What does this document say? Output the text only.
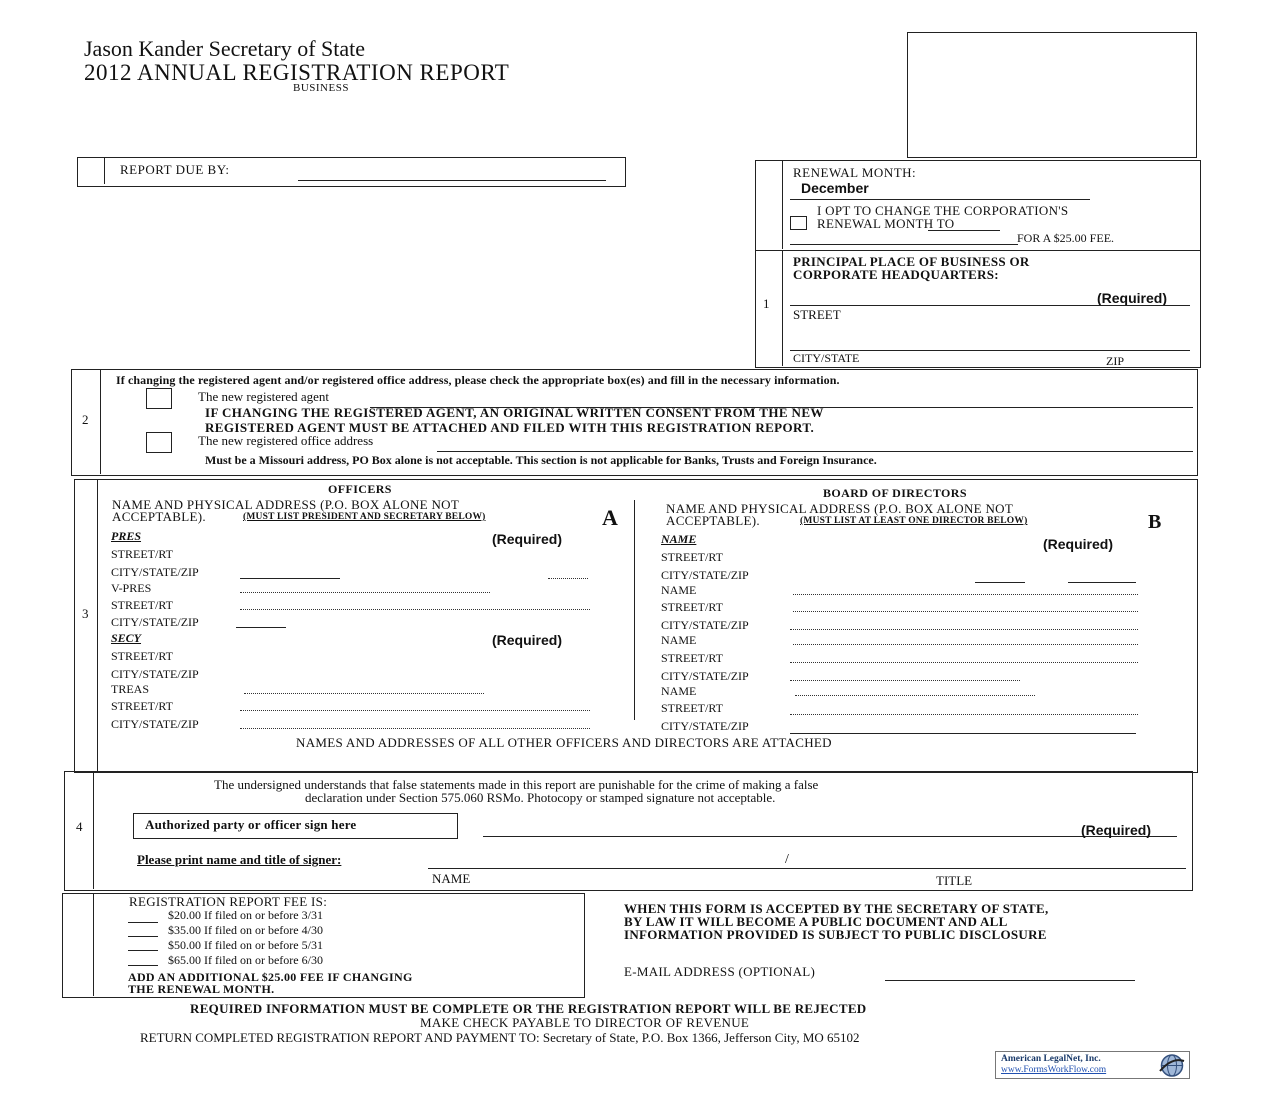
Jason Kander Secretary of State
2012 ANNUAL REGISTRATION REPORT
BUSINESS
REPORT DUE BY:	RENEWAL MONTH:
December
I OPT TO CHANGE THE CORPORATION'S
RENEWAL MONTH TO
FOR A $25.00 FEE.
1
PRINCIPAL PLACE OF BUSINESS OR
CORPORATE HEADQUARTERS:
(Required)
STREET
CITY/STATE	ZIP
2
If changing the registered agent and/or registered office address, please check the appropriate box(es) and fill in the necessary information.
The new registered agent
IF CHANGING THE REGISTERED AGENT, AN ORIGINAL WRITTEN CONSENT FROM THE NEW
REGISTERED AGENT MUST BE ATTACHED AND FILED WITH THIS REGISTRATION REPORT.
The new registered office address
Must be a Missouri address, PO Box alone is not acceptable. This section is not applicable for Banks, Trusts and Foreign Insurance.
3
OFFICERS
NAME AND PHYSICAL ADDRESS (P.O. BOX ALONE NOT
ACCEPTABLE).	(MUST LIST PRESIDENT AND SECRETARY BELOW)	A
(Required)
PRES
STREET/RT
CITY/STATE/ZIP
V-PRES
STREET/RT
CITY/STATE/ZIP
SECY	(Required)
STREET/RT
CITY/STATE/ZIP
TREAS
STREET/RT
CITY/STATE/ZIP
BOARD OF DIRECTORS
NAME AND PHYSICAL ADDRESS (P.O. BOX ALONE NOT
ACCEPTABLE).	(MUST LIST AT LEAST ONE DIRECTOR BELOW)	B
(Required)
NAME
STREET/RT
CITY/STATE/ZIP
NAME
STREET/RT
CITY/STATE/ZIP
NAME
STREET/RT
CITY/STATE/ZIP
NAME
STREET/RT
CITY/STATE/ZIP
NAMES AND ADDRESSES OF ALL OTHER OFFICERS AND DIRECTORS ARE ATTACHED
4
The undersigned understands that false statements made in this report are punishable for the crime of making a false
declaration under Section 575.060 RSMo. Photocopy or stamped signature not acceptable.
Authorized party or officer sign here	(Required)
Please print name and title of signer:	/
NAME	TITLE
REGISTRATION REPORT FEE IS:
$20.00 If filed on or before 3/31
$35.00 If filed on or before 4/30
$50.00 If filed on or before 5/31
$65.00 If filed on or before 6/30
ADD AN ADDITIONAL $25.00 FEE IF CHANGING
THE RENEWAL MONTH.
WHEN THIS FORM IS ACCEPTED BY THE SECRETARY OF STATE,
BY LAW IT WILL BECOME A PUBLIC DOCUMENT AND ALL
INFORMATION PROVIDED IS SUBJECT TO PUBLIC DISCLOSURE
E-MAIL ADDRESS (OPTIONAL)
REQUIRED INFORMATION MUST BE COMPLETE OR THE REGISTRATION REPORT WILL BE REJECTED
MAKE CHECK PAYABLE TO DIRECTOR OF REVENUE
RETURN COMPLETED REGISTRATION REPORT AND PAYMENT TO: Secretary of State, P.O. Box 1366, Jefferson City, MO 65102
American LegalNet, Inc.
www.FormsWorkFlow.com
